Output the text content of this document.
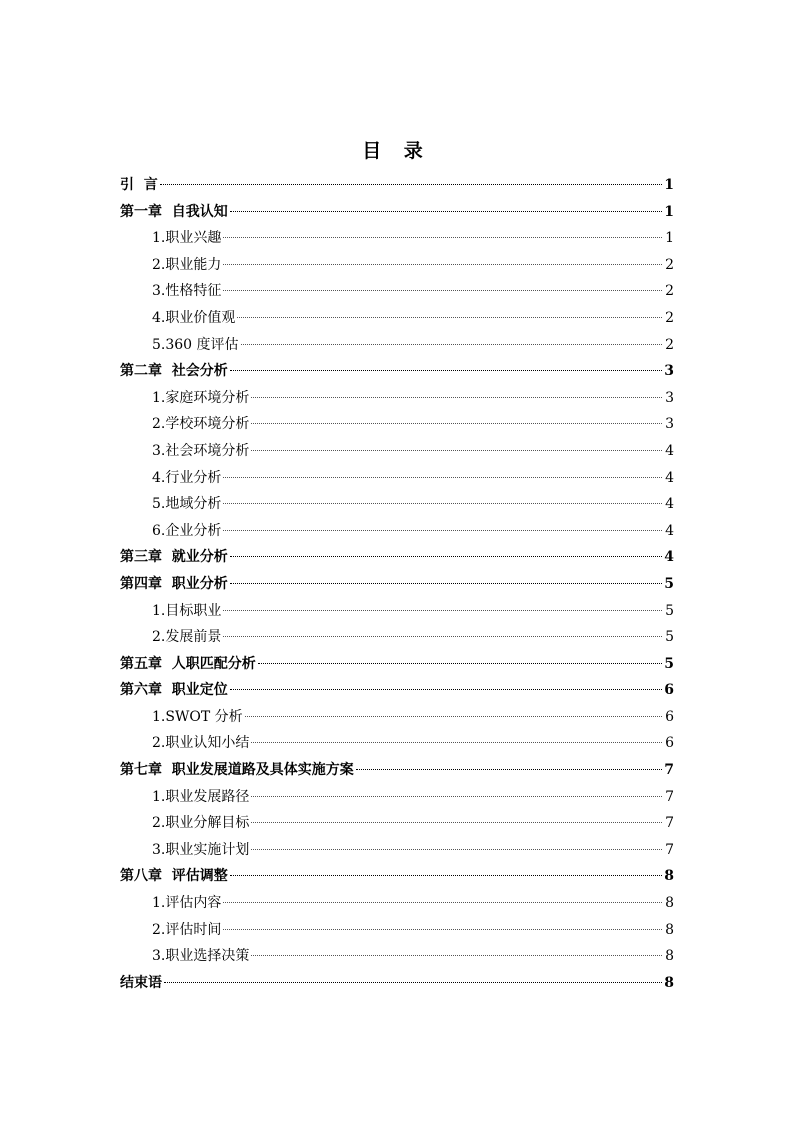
目 录
引  言	1
第一章  自我认知	1
1.职业兴趣	1
2.职业能力	2
3.性格特征	2
4.职业价值观	2
5.360 度评估	2
第二章  社会分析	3
1.家庭环境分析	3
2.学校环境分析	3
3.社会环境分析	4
4.行业分析	4
5.地域分析	4
6.企业分析	4
第三章  就业分析	4
第四章  职业分析	5
1.目标职业	5
2.发展前景	5
第五章  人职匹配分析	5
第六章  职业定位	6
1.SWOT 分析	6
2.职业认知小结	6
第七章  职业发展道路及具体实施方案	7
1.职业发展路径	7
2.职业分解目标	7
3.职业实施计划	7
第八章  评估调整	8
1.评估内容	8
2.评估时间	8
3.职业选择决策	8
结束语	8
